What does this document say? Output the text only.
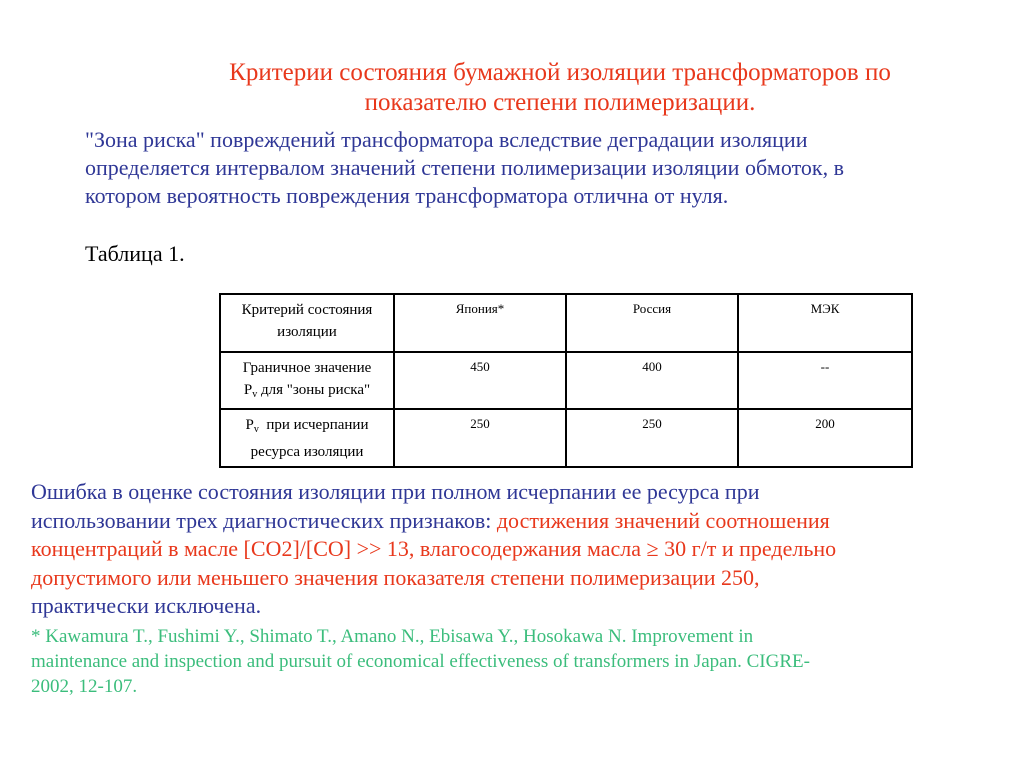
Критерии состояния бумажной изоляции трансформаторов по
показателю степени полимеризации.
"Зона риска" повреждений трансформатора вследствие деградации изоляции
определяется интервалом значений степени полимеризации изоляции обмоток, в
котором вероятность повреждения трансформатора отлична от нуля.
Таблица 1.
Критерий состояния
изоляции	Япония*	Россия	МЭК

Граничное значение
$P_v$ для "зоны риска"	450	400	--

$P_v$  при исчерпании
ресурса изоляции	250	250	200
Ошибка в оценке состояния изоляции при полном исчерпании ее ресурса при
использовании трех диагностических признаков: достижения значений соотношения
концентраций в масле [CO2]/[CO] >> 13, влагосодержания масла ≥ 30 г/т и предельно
допустимого или меньшего значения показателя степени полимеризации 250,
практически исключена.
* Kawamura T., Fushimi Y., Shimato T., Amano N., Ebisawa Y., Hosokawa N. Improvement in
maintenance and inspection and pursuit of economical effectiveness of transformers in Japan. CIGRE-
2002, 12-107.
